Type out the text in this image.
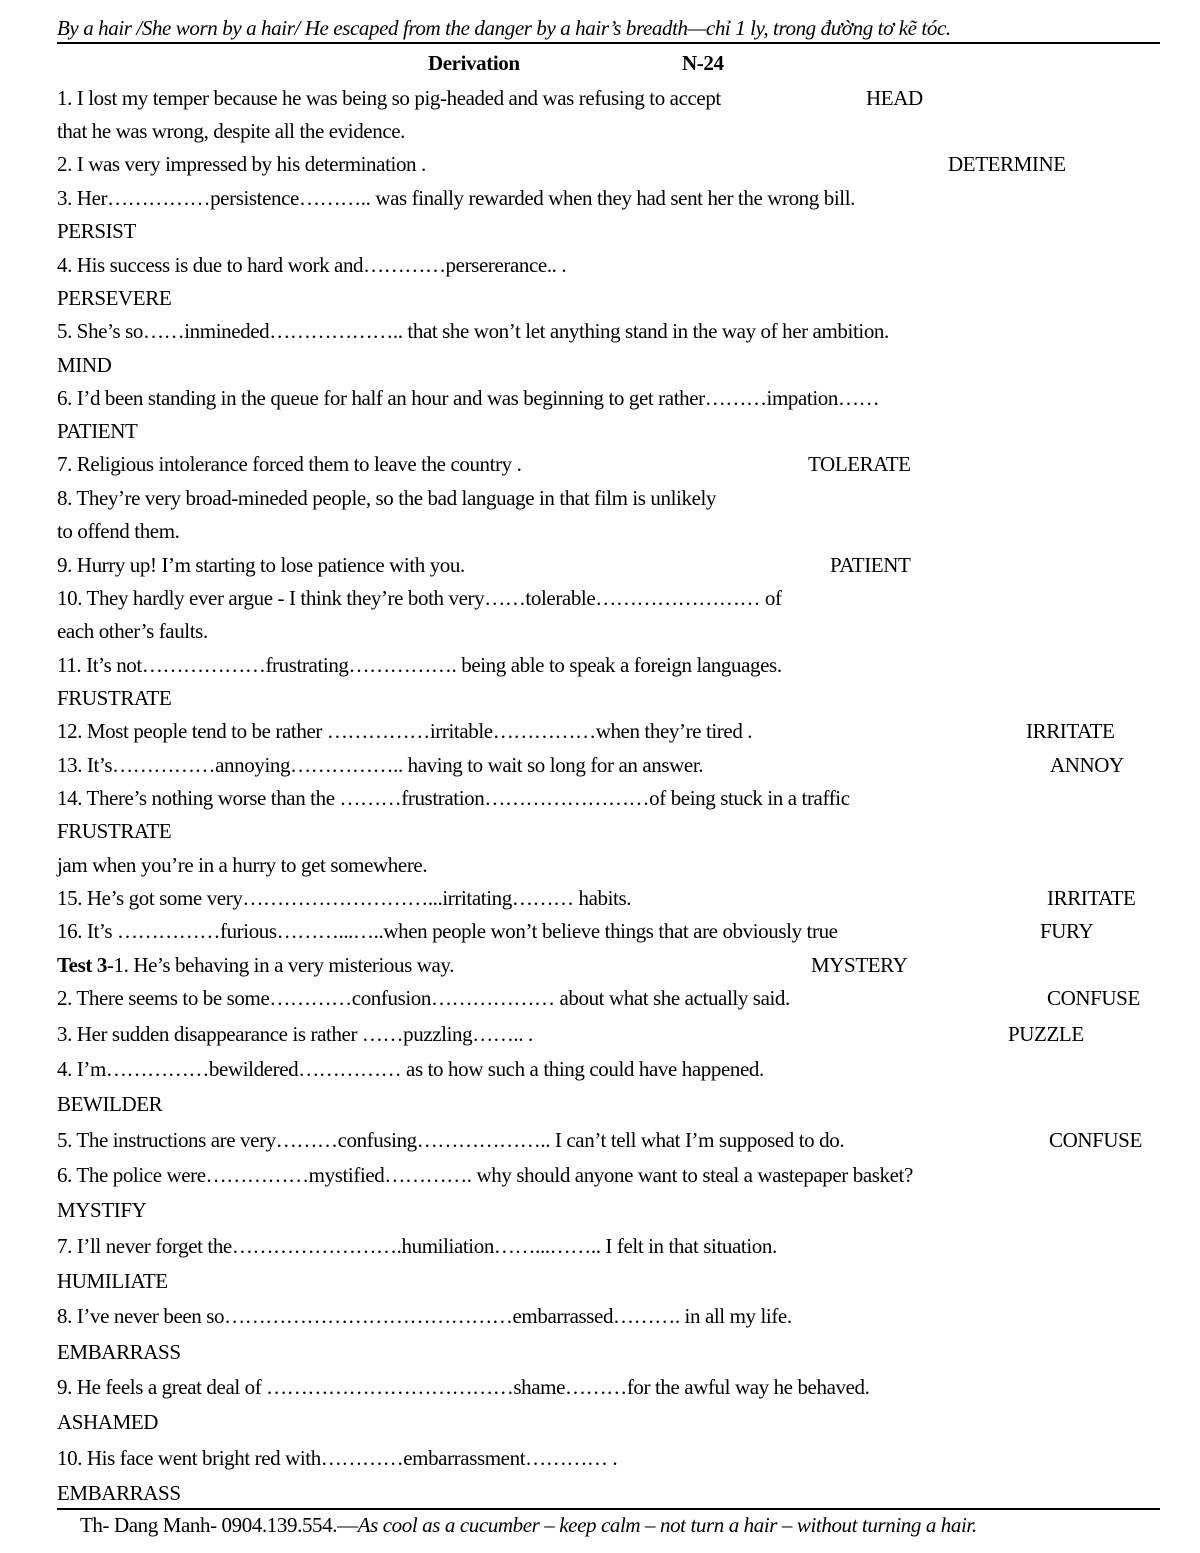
By a hair /She worn by a hair/ He escaped from the danger by a hair’s breadth—chỉ 1 ly, trong đường tơ kẽ tóc.
Derivation	N-24
1. I lost my temper because he was being so pig-headed and was refusing to accept	HEAD
that he was wrong, despite all the evidence.
2. I was very impressed by his determination .	DETERMINE
3. Her……………persistence……….. was finally rewarded when they had sent her the wrong bill.
PERSIST
4. His success is due to hard work and…………persererance.. .
PERSEVERE
5. She’s so……inmineded……………….. that she won’t let anything stand in the way of her ambition.
MIND
6. I’d been standing in the queue for half an hour and was beginning to get rather………impation……
PATIENT
7. Religious intolerance forced them to leave the country .	TOLERATE
8. They’re very broad-mineded people, so the bad language in that film is unlikely
to offend them.
9. Hurry up! I’m starting to lose patience with you.	PATIENT
10. They hardly ever argue - I think they’re both very……tolerable…………………… of
each other’s faults.
11. It’s not………………frustrating……………. being able to speak a foreign languages.
FRUSTRATE
12. Most people tend to be rather ……………irritable……………when they’re tired .	IRRITATE
13. It’s……………annoying…………….. having to wait so long for an answer.	ANNOY
14. There’s nothing worse than the ………frustration……………………of being stuck in a traffic
FRUSTRATE
jam when you’re in a hurry to get somewhere.
15. He’s got some very………………………...irritating……… habits.	IRRITATE
16. It’s ……………furious………...…..when people won’t believe things that are obviously true	FURY
Test 3-1. He’s behaving in a very misterious way.	MYSTERY
2. There seems to be some…………confusion……………… about what she actually said.	CONFUSE
3. Her sudden disappearance is rather ……puzzling…….. .	PUZZLE
4. I’m……………bewildered…………… as to how such a thing could have happened.
BEWILDER
5. The instructions are very………confusing……………….. I can’t tell what I’m supposed to do.	CONFUSE
6. The police were……………mystified…………. why should anyone want to steal a wastepaper basket?
MYSTIFY
7. I’ll never forget the…………………….humiliation……...…….. I felt in that situation.
HUMILIATE
8. I’ve never been so……………………………………embarrassed………. in all my life.
EMBARRASS
9. He feels a great deal of ………………………………shame………for the awful way he behaved.
ASHAMED
10. His face went bright red with…………embarrassment………… .
EMBARRASS
Th- Dang Manh- 0904.139.554.—As cool as a cucumber – keep calm – not turn a hair – without turning a hair.
